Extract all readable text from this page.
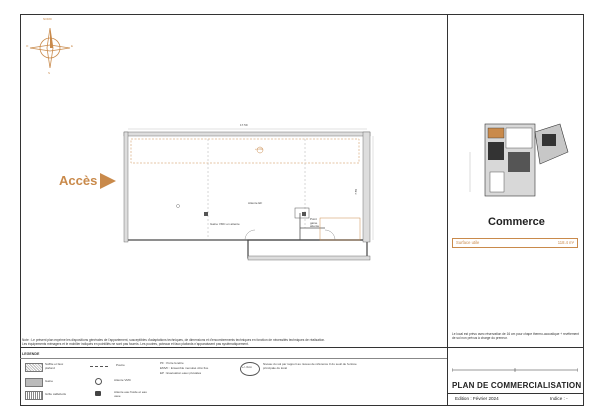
NORD
E
S
O
Accès
17.59
7.55
+0.00
Gaine VMC en attente
Attente EF
Point
gaine
attente
Note : Le présent plan exprime les dispositions générales de l'appartement, susceptibles d'adaptations techniques, de dimensions et d'encombrements techniques en fonction de nécessités techniques de réalisation.
Les équipements ménagers et le mobilier indiqués en pointillés ne sont pas fournis. Les poutres, poteaux et faux plafonds n'apparaissent pas systématiquement.
LEGENDE
Soffite et faux plafond
Gaine
Grille caillebotis
Poutre
Attente VMC
Attente eau froide et eau usée
PF : Porte fenêtre
EMVF : Ensemble menuisé vitré fixe
EP : Evacuation eaux pluviales
+/- 0cm
Niveau du sol par rapport au niveau de référence 0 du seuil de l'entrée principale du local
Commerce
Surface utile	118.4 m²
Le local est prévu avec réservation de 16 cm pour chape thermo-acoustique + revêtement de sol non prévus à charge du preneur.
PLAN DE COMMERCIALISATION
Edition : Février 2024	Indice : -
